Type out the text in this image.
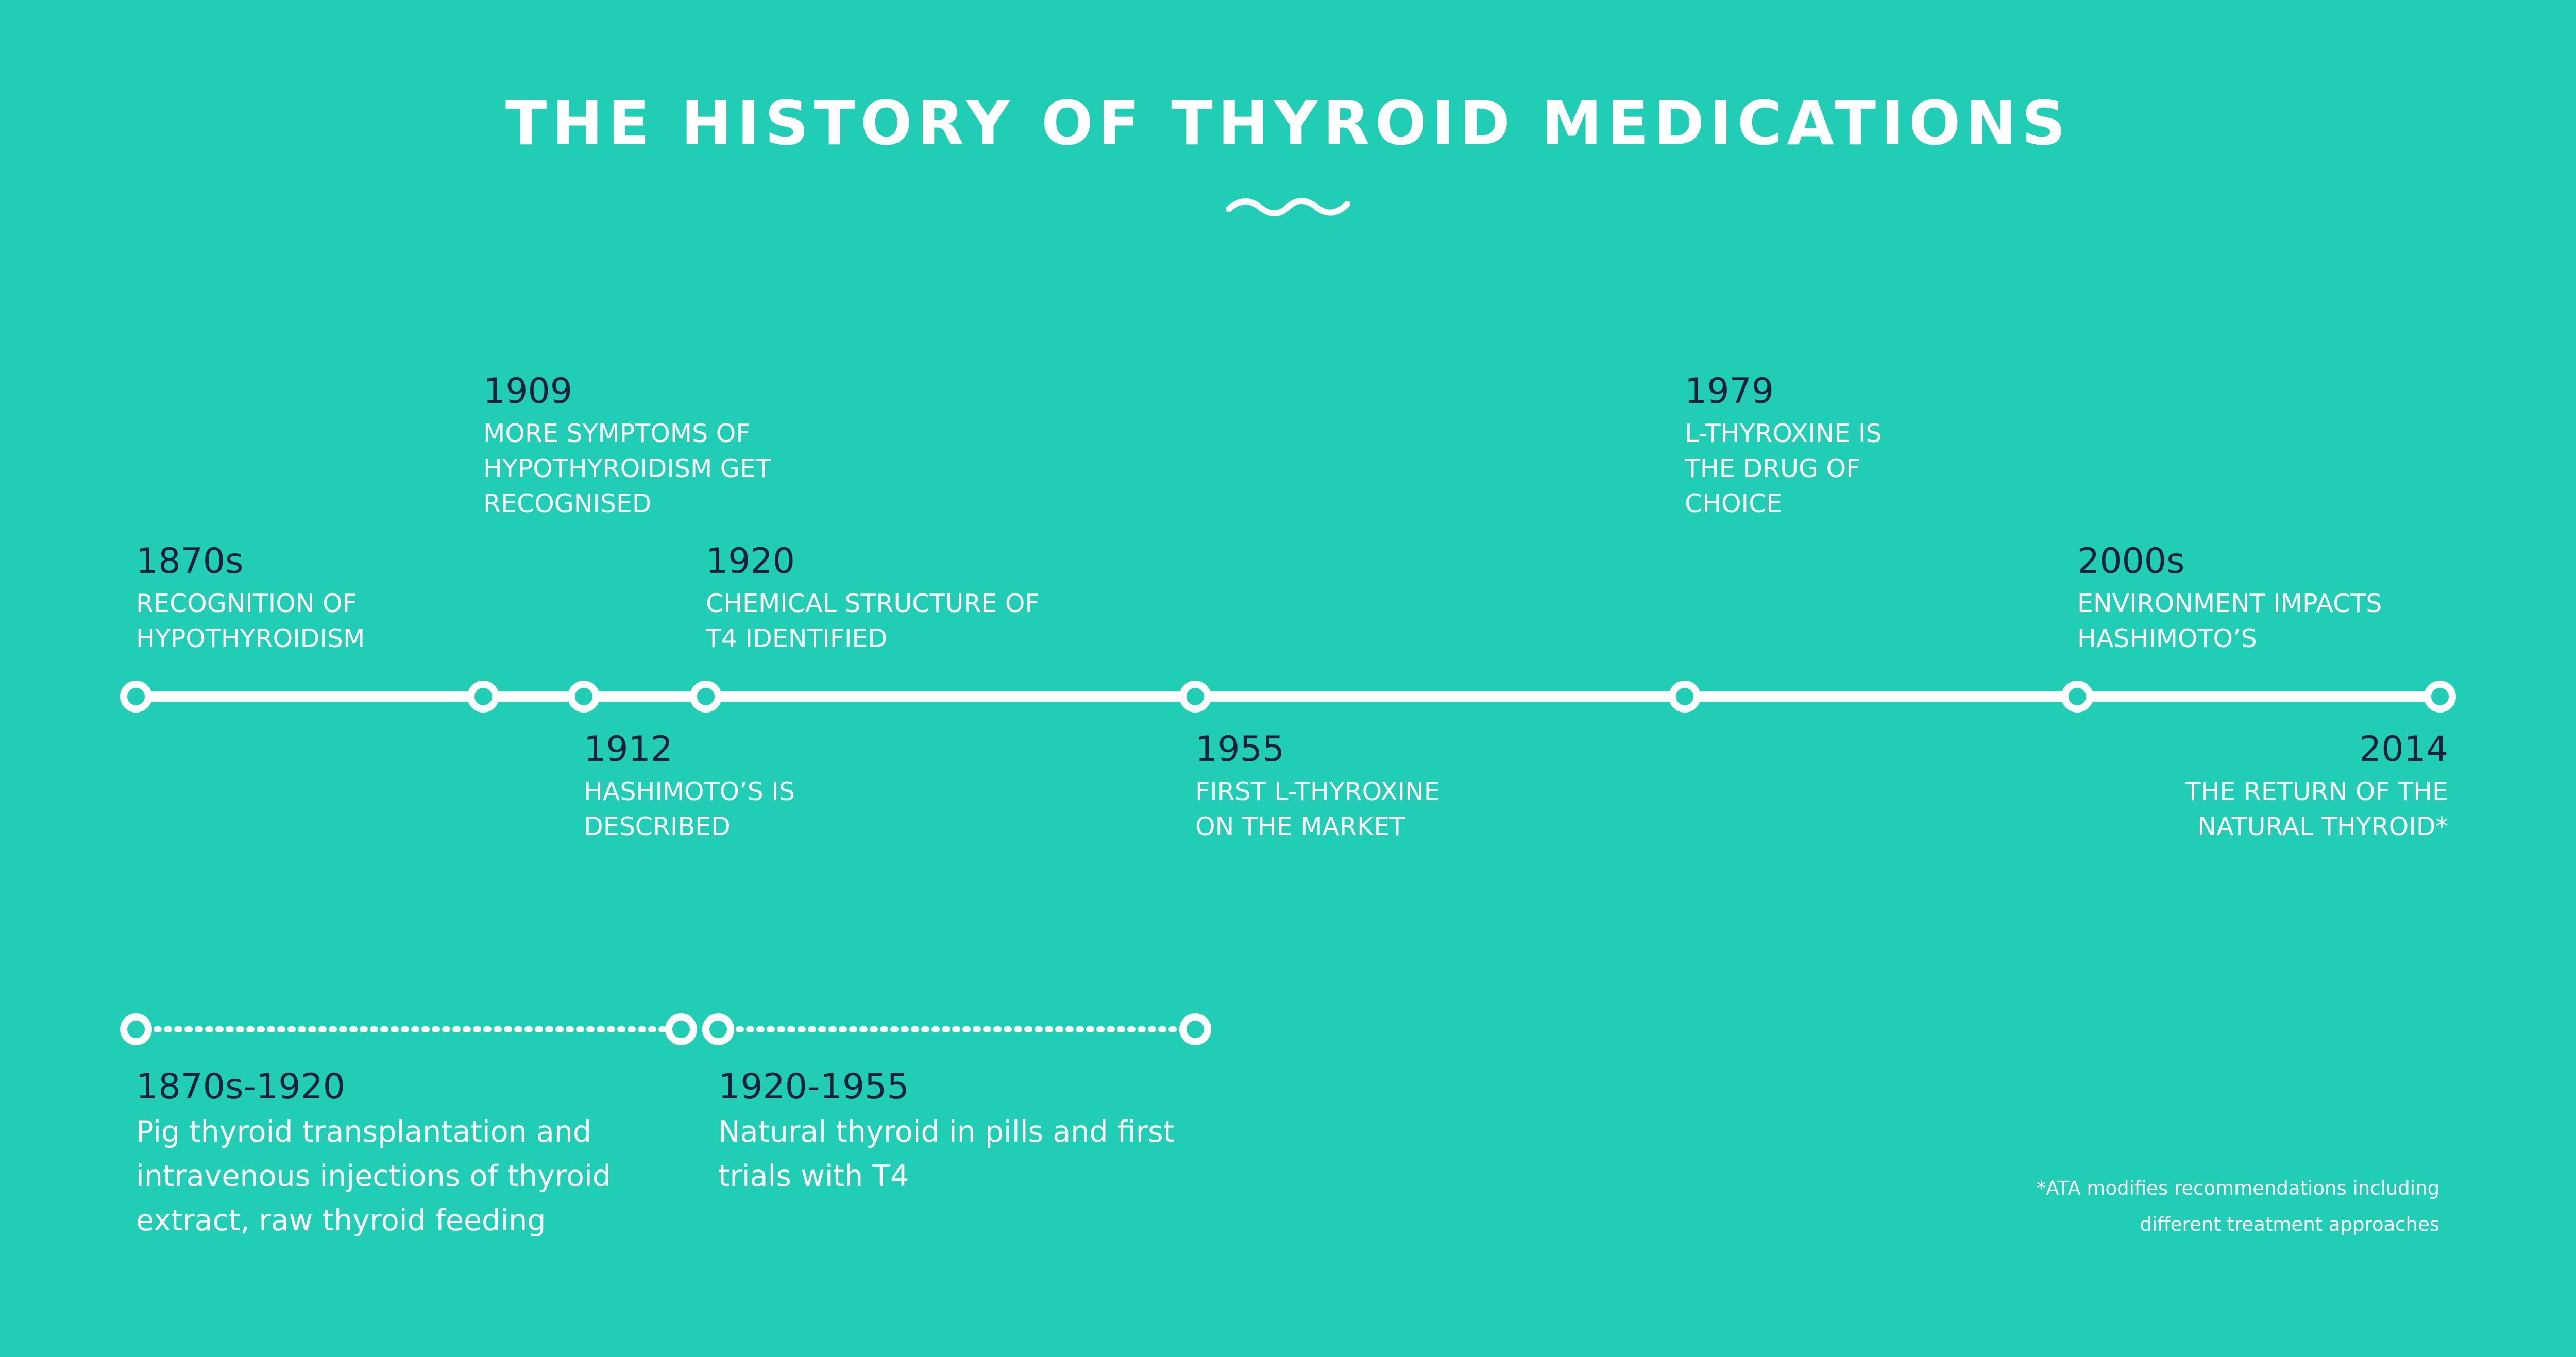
THE HISTORY OF THYROID MEDICATIONS
1870s
RECOGNITION OF
HYPOTHYROIDISM
1909
MORE SYMPTOMS OF
HYPOTHYROIDISM GET
RECOGNISED
1912
HASHIMOTO’S IS
DESCRIBED
1920
CHEMICAL STRUCTURE OF
T4 IDENTIFIED
1955
FIRST L-THYROXINE
ON THE MARKET
1979
L-THYROXINE IS
THE DRUG OF
CHOICE
2000s
ENVIRONMENT IMPACTS
HASHIMOTO’S
2014
THE RETURN OF THE
NATURAL THYROID*
1870s-1920
Pig thyroid transplantation and
intravenous injections of thyroid
extract, raw thyroid feeding
1920-1955
Natural thyroid in pills and first
trials with T4	*ATA modifies recommendations including
different treatment approaches
